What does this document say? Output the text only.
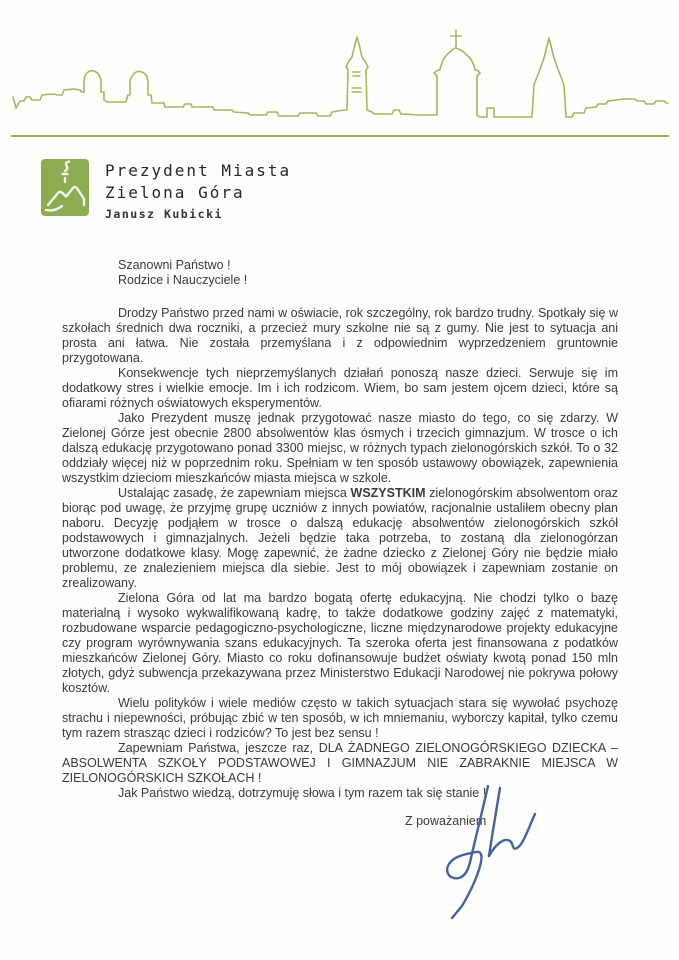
Prezydent Miasta
Zielona Góra
Janusz Kubicki
Szanowni Państwo !
Rodzice i Nauczyciele !

Drodzy Państwo przed nami w oświacie, rok szczególny, rok bardzo trudny. Spotkały się w szkołach średnich dwa roczniki, a przecież mury szkolne nie są z gumy. Nie jest to sytuacja ani prosta ani łatwa. Nie została przemyślana i z odpowiednim wyprzedzeniem gruntownie przygotowana.

Konsekwencje tych nieprzemyślanych działań ponoszą nasze dzieci. Serwuje się im dodatkowy stres i wielkie emocje. Im i ich rodzicom. Wiem, bo sam jestem ojcem dzieci, które są ofiarami różnych oświatowych eksperymentów.

Jako Prezydent muszę jednak przygotować nasze miasto do tego, co się zdarzy. W Zielonej Górze jest obecnie 2800 absolwentów klas ósmych i trzecich gimnazjum. W trosce o ich dalszą edukację przygotowano ponad 3300 miejsc, w różnych typach zielonogórskich szkół. To o 32 oddziały więcej niż w poprzednim roku. Spełniam w ten sposób ustawowy obowiązek, zapewnienia wszystkim dzieciom mieszkańców miasta miejsca w szkole.

Ustalając zasadę, że zapewniam miejsca WSZYSTKIM zielonogórskim absolwentom oraz biorąc pod uwagę, że przyjmę grupę uczniów z innych powiatów, racjonalnie ustaliłem obecny plan naboru. Decyzję podjąłem w trosce o dalszą edukację absolwentów zielonogórskich szkół podstawowych i gimnazjalnych. Jeżeli będzie taka potrzeba, to zostaną dla zielonogórzan utworzone dodatkowe klasy. Mogę zapewnić, że żadne dziecko z Zielonej Góry nie będzie miało problemu, ze znalezieniem miejsca dla siebie. Jest to mój obowiązek i zapewniam zostanie on zrealizowany.

Zielona Góra od lat ma bardzo bogatą ofertę edukacyjną. Nie chodzi tylko o bazę materialną i wysoko wykwalifikowaną kadrę, to także dodatkowe godziny zajęć z matematyki, rozbudowane wsparcie pedagogiczno-psychologiczne, liczne międzynarodowe projekty edukacyjne czy program wyrównywania szans edukacyjnych. Ta szeroka oferta jest finansowana z podatków mieszkańców Zielonej Góry. Miasto co roku dofinansowuje budżet oświaty kwotą ponad 150 mln złotych, gdyż subwencja przekazywana przez Ministerstwo Edukacji Narodowej nie pokrywa połowy kosztów.

Wielu polityków i wiele mediów często w takich sytuacjach stara się wywołać psychozę strachu i niepewności, próbując zbić w ten sposób, w ich mniemaniu, wyborczy kapitał, tylko czemu tym razem strasząc dzieci i rodziców? To jest bez sensu !

Zapewniam Państwa, jeszcze raz, DLA ŻADNEGO ZIELONOGÓRSKIEGO DZIECKA – ABSOLWENTA SZKOŁY PODSTAWOWEJ I GIMNAZJUM NIE ZABRAKNIE MIEJSCA W ZIELONOGÓRSKICH SZKOŁACH !

Jak Państwo wiedzą, dotrzymuję słowa i tym razem tak się stanie !

Z poważaniem
